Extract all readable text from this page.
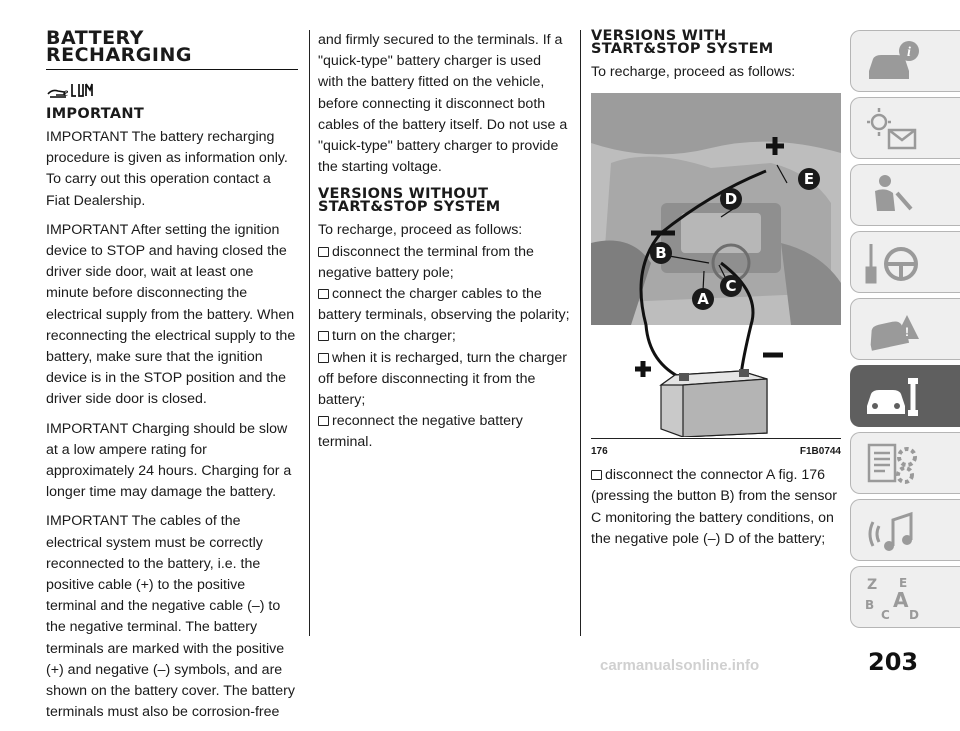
BATTERY
RECHARGING
e
IMPORTANT

IMPORTANT The battery recharging procedure is given as information only. To carry out this operation contact a Fiat Dealership.

IMPORTANT After setting the ignition device to STOP and having closed the driver side door, wait at least one minute before disconnecting the electrical supply from the battery. When reconnecting the electrical supply to the battery, make sure that the ignition device is in the STOP position and the driver side door is closed.

IMPORTANT Charging should be slow at a low ampere rating for approximately 24 hours. Charging for a longer time may damage the battery.

IMPORTANT The cables of the electrical system must be correctly reconnected to the battery, i.e. the positive cable (+) to the positive terminal and the negative cable (–) to the negative terminal. The battery terminals are marked with the positive (+) and negative (–) symbols, and are shown on the battery cover. The battery terminals must also be corrosion-free

and firmly secured to the terminals. If a "quick-type" battery charger is used with the battery fitted on the vehicle, before connecting it disconnect both cables of the battery itself. Do not use a "quick-type" battery charger to provide the starting voltage.

VERSIONS WITHOUT
START&STOP SYSTEM
To recharge, proceed as follows:
disconnect the terminal from the negative battery pole;
connect the charger cables to the battery terminals, observing the polarity;
turn on the charger;
when it is recharged, turn the charger off before disconnecting it from the battery;
reconnect the negative battery terminal.
VERSIONS WITH
START&STOP SYSTEM
To recharge, proceed as follows:
D
B
C
A
E
176	F1B0744
disconnect the connector A fig. 176 (pressing the button B) from the sensor C monitoring the battery conditions, on the negative pole (–) D of the battery;
i
!
Z E
B A
C D
203
carmanualsonline.info
